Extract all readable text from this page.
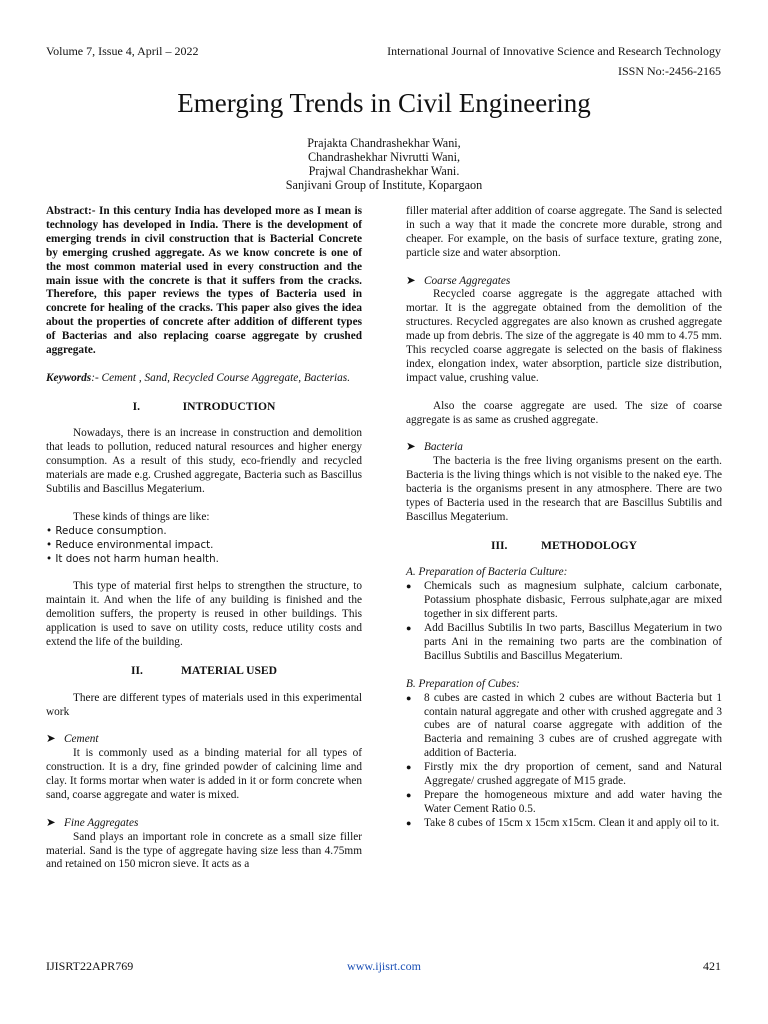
Volume 7, Issue 4, April – 2022	International Journal of Innovative Science and Research Technology
ISSN No:-2456-2165
Emerging Trends in Civil Engineering
Prajakta Chandrashekhar Wani,
Chandrashekhar Nivrutti Wani,
Prajwal Chandrashekhar Wani.
Sanjivani Group of Institute, Kopargaon

Abstract:- In this century India has developed more as I mean is technology has developed in India. There is the development of emerging trends in civil construction that is Bacterial Concrete by emerging crushed aggregate. As we know concrete is one of the most common material used in every construction and the main issue with the concrete is that it suffers from the cracks. Therefore, this paper reviews the types of Bacteria used in concrete for healing of the cracks. This paper also gives the idea about the properties of concrete after addition of different types of Bacterias and also replacing coarse aggregate by crushed aggregate.

Keywords:- Cement , Sand, Recycled Course Aggregate, Bacterias.

I.	INTRODUCTION

Nowadays, there is an increase in construction and demolition that leads to pollution, reduced natural resources and higher energy consumption. As a result of this study, eco-friendly and recycled materials are made e.g. Crushed aggregate, Bacteria such as Bascillus Subtilis and Bascillus Megaterium.

These kinds of things are like:

• Reduce consumption.
• Reduce environmental impact.
• It does not harm human health.

This type of material first helps to strengthen the structure, to maintain it. And when the life of any building is finished and the demolition suffers, the property is reused in other buildings. This application is used to save on utility costs, reduce utility costs and extend the life of the building.

II.	MATERIAL USED

There are different types of materials used in this experimental work

➤ Cement

It is commonly used as a binding material for all types of construction. It is a dry, fine grinded powder of calcining lime and clay. It forms mortar when water is added in it or form concrete when sand, coarse aggregate and water is mixed.

➤ Fine Aggregates

Sand plays an important role in concrete as a small size filler material. Sand is the type of aggregate having size less than 4.75mm and retained on 150 micron sieve. It acts as a

filler material after addition of coarse aggregate. The Sand is selected in such a way that it made the concrete more durable, strong and cheaper. For example, on the basis of surface texture, grating zone, particle size and water absorption.

➤ Coarse Aggregates

Recycled coarse aggregate is the aggregate attached with mortar. It is the aggregate obtained from the demolition of the structures. Recycled aggregates are also known as crushed aggregate made up from debris. The size of the aggregate is 40 mm to 4.75 mm. This recycled coarse aggregate is selected on the basis of flakiness index, elongation index, water absorption, particle size distribution, impact value, crushing value.

Also the coarse aggregate are used. The size of coarse aggregate is as same as crushed aggregate.

➤ Bacteria

The bacteria is the free living organisms present on the earth. Bacteria is the living things which is not visible to the naked eye. The bacteria is the organisms present in any atmosphere. There are two types of Bacteria used in the research that are Bascillus Subtilis and Bascillus Megaterium.

III.	METHODOLOGY
A. Preparation of Bacteria Culture:
● Chemicals such as magnesium sulphate, calcium carbonate, Potassium phosphate disbasic, Ferrous sulphate,agar are mixed together in six different parts.
● Add Bacillus Subtilis In two parts, Bascillus Megaterium in two parts Ani in the remaining two parts are the combination of Bacillus Subtilis and Bascillus Megaterium.
B. Preparation of Cubes:
● 8 cubes are casted in which 2 cubes are without Bacteria but 1 contain natural aggregate and other with crushed aggregate and 3 cubes are of natural coarse aggregate with addition of the Bacteria and remaining 3 cubes are of crushed aggregate with addition of Bacteria.
● Firstly mix the dry proportion of cement, sand and Natural Aggregate/ crushed aggregate of M15 grade.
● Prepare the homogeneous mixture and add water having the Water Cement Ratio 0.5.
● Take 8 cubes of 15cm x 15cm x15cm. Clean it and apply oil to it.
IJISRT22APR769	www.ijisrt.com	421
